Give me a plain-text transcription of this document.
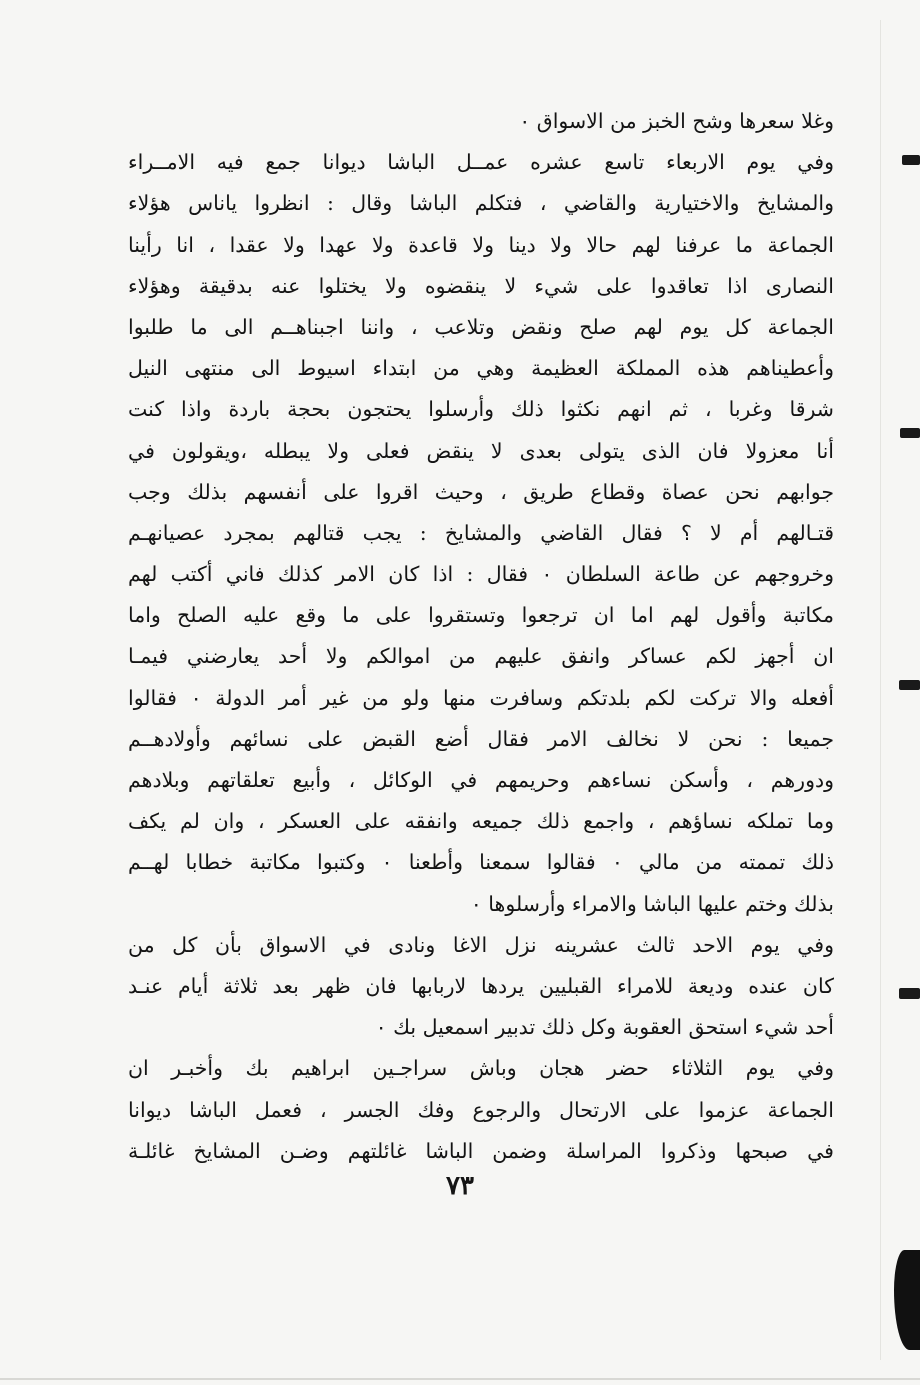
وغلا سعرها وشح الخبز من الاسواق ٠
وفي يوم الاربعاء تاسع عشره عمــل الباشا ديوانا جمع فيه الامــراء
والمشايخ والاختيارية والقاضي ، فتكلم الباشا وقال : انظروا ياناس هؤلاء
الجماعة ما عرفنا لهم حالا ولا دينا ولا قاعدة ولا عهدا ولا عقدا ، انا رأينا
النصارى اذا تعاقدوا على شيء لا ينقضوه ولا يختلوا عنه بدقيقة وهؤلاء
الجماعة كل يوم لهم صلح ونقض وتلاعب ، واننا اجبناهــم الى ما طلبوا
وأعطيناهم هذه المملكة العظيمة وهي من ابتداء اسيوط الى منتهى النيل
شرقا وغربا ، ثم انهم نكثوا ذلك وأرسلوا يحتجون بحجة باردة واذا كنت
أنا معزولا فان الذى يتولى بعدى لا ينقض فعلى ولا يبطله ،ويقولون في
جوابهم نحن عصاة وقطاع طريق ، وحيث اقروا على أنفسهم بذلك وجب
قتـالهم أم لا ؟ فقال القاضي والمشايخ : يجب قتالهم بمجرد عصيانهـم
وخروجهم عن طاعة السلطان ٠ فقال : اذا كان الامر كذلك فاني أكتب لهم
مكاتبة وأقول لهم اما ان ترجعوا وتستقروا على ما وقع عليه الصلح واما
ان أجهز لكم عساكر وانفق عليهم من اموالكم ولا أحد يعارضني فيمـا
أفعله والا تركت لكم بلدتكم وسافرت منها ولو من غير أمر الدولة ٠ فقالوا
جميعا : نحن لا نخالف الامر فقال أضع القبض على نسائهم وأولادهــم
ودورهم ، وأسكن نساءهم وحريمهم في الوكائل ، وأبيع تعلقاتهم وبلادهم
وما تملكه نساؤهم ، واجمع ذلك جميعه وانفقه على العسكر ، وان لم يكف
ذلك تممته من مالي ٠ فقالوا سمعنا وأطعنا ٠ وكتبوا مكاتبة خطابا لهــم
بذلك وختم عليها الباشا والامراء وأرسلوها ٠
وفي يوم الاحد ثالث عشرينه نزل الاغا ونادى في الاسواق بأن كل من
كان عنده وديعة للامراء القبليين يردها لاربابها فان ظهر بعد ثلاثة أيام عنـد
أحد شيء استحق العقوبة وكل ذلك تدبير اسمعيل بك ٠
وفي يوم الثلاثاء حضر هجان وباش سراجـين ابراهيم بك وأخبـر ان
الجماعة عزموا على الارتحال والرجوع وفك الجسر ، فعمل الباشا ديوانا
في صبحها وذكروا المراسلة وضمن الباشا غائلتهم وضـن المشايخ غائلـة
٧٣
